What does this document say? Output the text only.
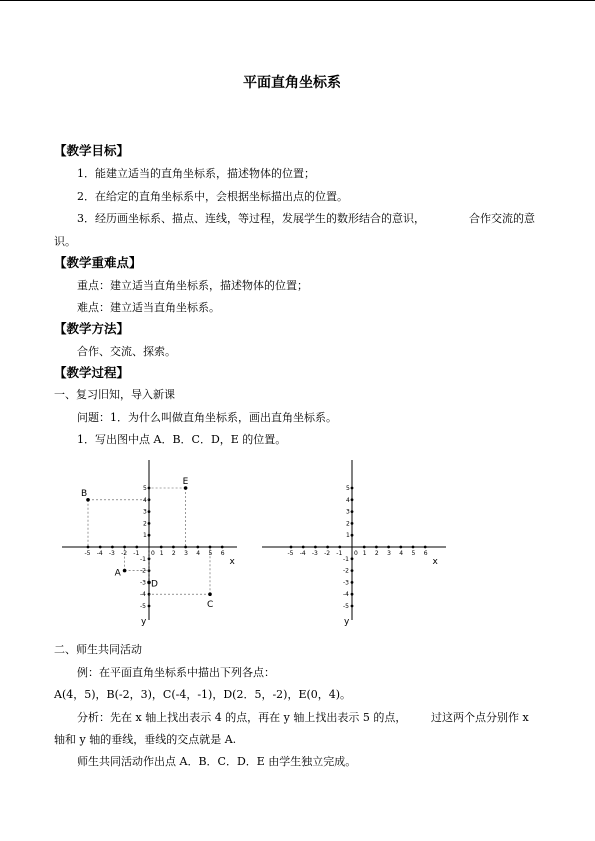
平面直角坐标系
【教学目标】
1．能建立适当的直角坐标系，描述物体的位置；
2．在给定的直角坐标系中，会根据坐标描出点的位置。
3．经历画坐标系、描点、连线，等过程，发展学生的数形结合的意识，	合作交流的意
识。
【教学重难点】
重点：建立适当直角坐标系，描述物体的位置；
难点：建立适当直角坐标系。
【教学方法】
合作、交流、探索。
【教学过程】
一、复习旧知，导入新课
问题：1．为什么叫做直角坐标系，画出直角坐标系。
1．写出图中点 A．B．C．D，E 的位置。
x
y
0
-5 -4 -3 -2 -1	1 2 3 4 5 6
-5
-4
-3
-2
-1
1
2
3
4
5
B
E
A
D
C
x
y
0
-5 -4 -3 -2 -1	1 2 3 4 5 6
-5
-4
-3
-2
-1
1
2
3
4
5
二、师生共同活动
例：在平面直角坐标系中描出下列各点：
A(4，5)，B(-2，3)，C(-4，-1)，D(2．5，-2)，E(0，4)。
分析：先在 x 轴上找出表示 4 的点，再在 y 轴上找出表示 5 的点， 过这两个点分别作 x
轴和 y 轴的垂线，垂线的交点就是 A.
师生共同活动作出点 A．B．C．D．E 由学生独立完成。
